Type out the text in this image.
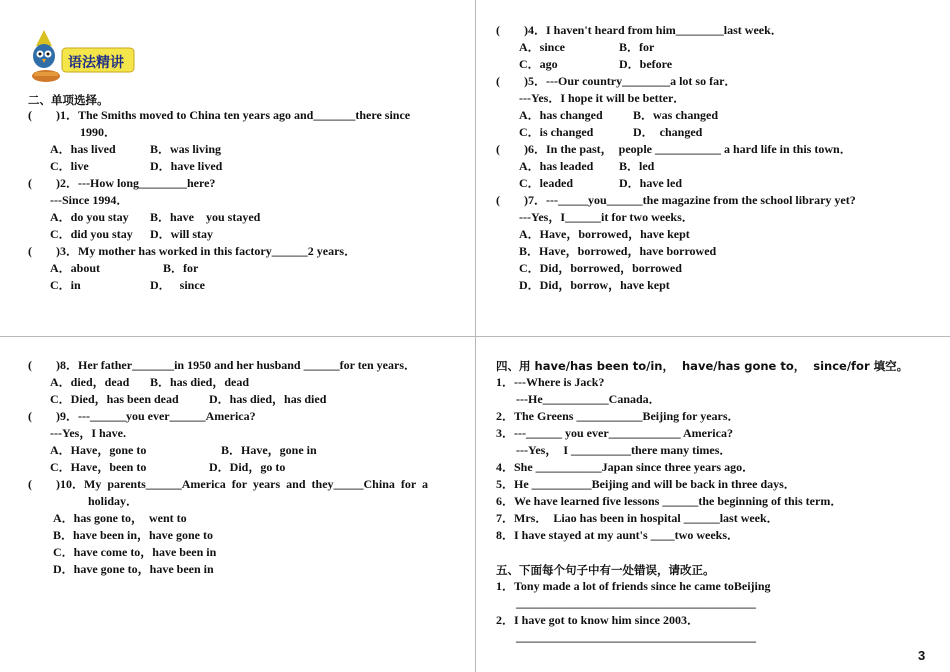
语法精讲
二、单项选择。
(        )1．The Smiths moved to China ten years ago and_______there since
1990．
A．has lived	B．was living
C．live	D．have lived
(        )2．---How long________here?
---Since 1994．
A．do you stay B．have    you stayed
C．did you stay D．will stay
(        )3．My mother has worked in this factory______2 years．
A．about	B．for
C．in	D．   since
(        )4．I haven't heard from him________last week．
A．since	B．for
C．ago	D．before
(        )5．---Our country________a lot so far．
---Yes．I hope it will be better．
A．has changed	B．was changed
C．is changed	D．  changed
(        )6．In the past，  people ___________ a hard life in this town．
A．has leaded B．led
C．leaded	D．have led
(        )7．---_____you______the magazine from the school library yet?
---Yes，I______it for two weeks．
A．Have，borrowed，have kept
B．Have，borrowed，have borrowed
C．Did，borrowed，borrowed
D．Did，borrow，have kept
(        )8．Her father_______in 1950 and her husband ______for ten years．
A．died，dead B．has died，dead
C．Died，has been dead	D．has died，has died
(        )9．---______you ever______America?
---Yes，I have.
A．Have，gone to	B．Have，gone in
C．Have，been to	D．Did，go to
(        )10．My  parents______America  for  years  and  they_____China  for  a
holiday．
A．has gone to，  went to
B．have been in，have gone to
C．have come to，have been in
D．have gone to，have been in
四、用 have/has been to/in，  have/has gone to，  since/for 填空。
1．---Where is Jack?
---He___________Canada．
2．The Greens ___________Beijing for years．
3．---______ you ever____________ America?
---Yes，  I __________there many times．
4．She ___________Japan since three years ago．
5．He __________Beijing and will be back in three days．
6．We have learned five lessons ______the beginning of this term．
7．Mrs．  Liao has been in hospital ______last week．
8．I have stayed at my aunt's ____two weeks．
五、下面每个句子中有一处错误，请改正。
1．Tony made a lot of friends since he came toBeijing
________________________________________
2．I have got to know him since 2003．
________________________________________
3
